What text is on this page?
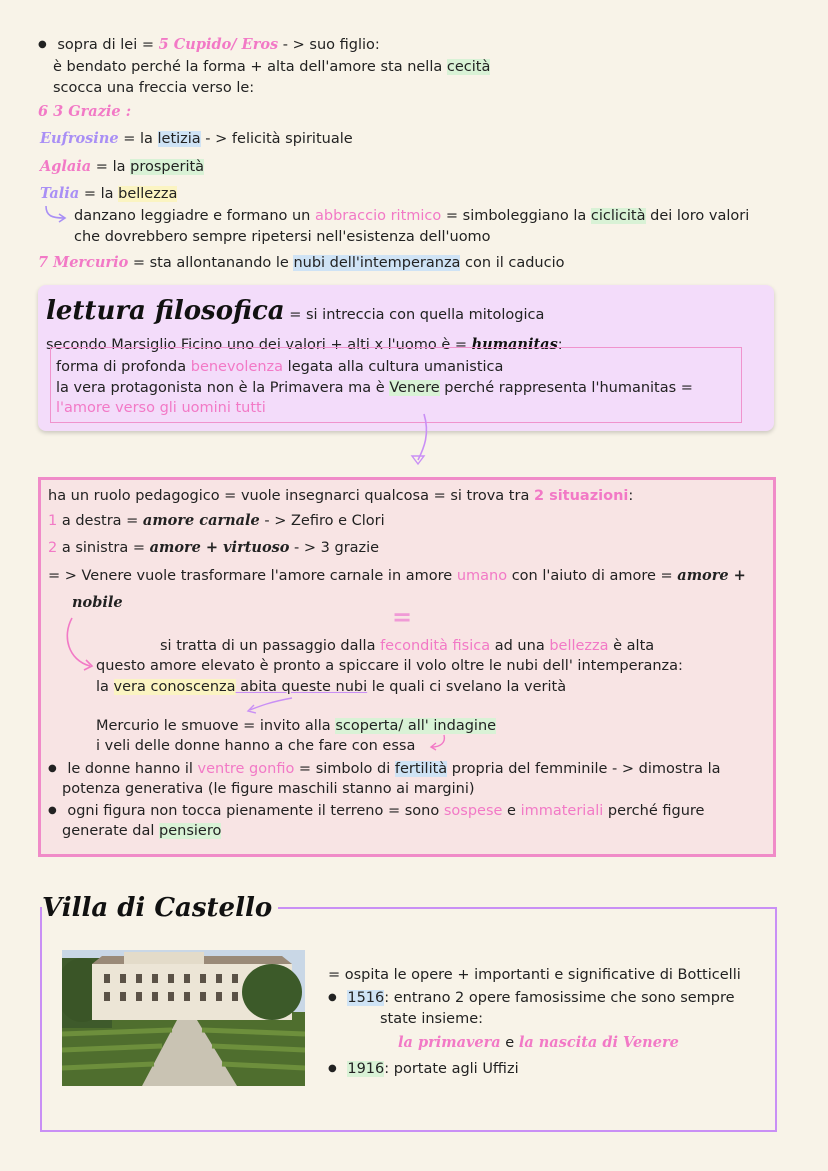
● sopra di lei = 5 Cupido/ Eros - > suo figlio:
è bendato perché la forma + alta dell'amore sta nella cecità
scocca una freccia verso le:
6 3 Grazie :
Eufrosine = la letizia - > felicità spirituale
Aglaia = la prosperità
Talia = la bellezza
danzano leggiadre e formano un abbraccio ritmico = simboleggiano la ciclicità dei loro valori
che dovrebbero sempre ripetersi nell'esistenza dell'uomo
7 Mercurio = sta allontanando le nubi dell'intemperanza con il caducio
lettura filosofica = si intreccia con quella mitologica
secondo Marsiglio Ficino uno dei valori + alti x l'uomo è = humanitas:
forma di profonda benevolenza legata alla cultura umanistica
la vera protagonista non è la Primavera ma è Venere perché rappresenta l'humanitas =
l'amore verso gli uomini tutti
ha un ruolo pedagogico = vuole insegnarci qualcosa = si trova tra 2 situazioni:
1 a destra = amore carnale - > Zefiro e Clori
2 a sinistra = amore + virtuoso - > 3 grazie
= > Venere vuole trasformare l'amore carnale in amore umano con l'aiuto di amore = amore +
nobile
=
si tratta di un passaggio dalla fecondità fisica ad una bellezza è alta
questo amore elevato è pronto a spiccare il volo oltre le nubi dell' intemperanza:
la vera conoscenza abita queste nubi le quali ci svelano la verità
Mercurio le smuove = invito alla scoperta/ all' indagine
i veli delle donne hanno a che fare con essa
● le donne hanno il ventre gonfio = simbolo di fertilità propria del femminile - > dimostra la
potenza generativa (le figure maschili stanno ai margini)
● ogni figura non tocca pienamente il terreno = sono sospese e immateriali perché figure
generate dal pensiero
Villa di Castello
= ospita le opere + importanti e significative di Botticelli
● 1516: entrano 2 opere famosissime che sono sempre
state insieme:
la primavera e la nascita di Venere
● 1916: portate agli Uffizi
